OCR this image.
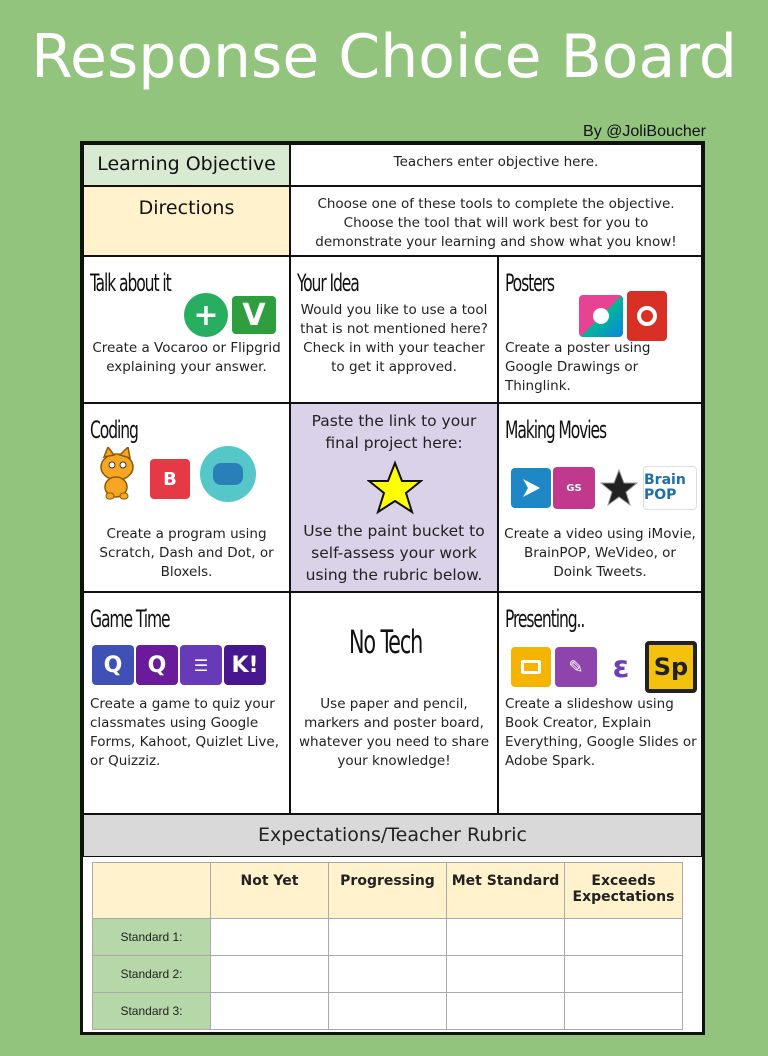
Response Choice Board
By @JoliBoucher
Learning Objective	Teachers enter objective here.
Directions	Choose one of these tools to complete the objective. Choose the tool that will work best for you to demonstrate your learning and show what you know!
Talk about it
+ V
Create a Vocaroo or Flipgrid explaining your answer.
Your Idea
Would you like to use a tool that is not mentioned here? Check in with your teacher to get it approved.
Posters
Create a poster using Google Drawings or Thinglink.
Coding
B
Create a program using Scratch, Dash and Dot, or Bloxels.
Paste the link to your final project here:
Use the paint bucket to self-assess your work using the rubric below.
Making Movies
GS	Brain POP
Create a video using iMovie, BrainPOP, WeVideo, or Doink Tweets.
Game Time
Q	Q	☰	K!
Create a game to quiz your classmates using Google Forms, Kahoot, Quizlet Live, or Quizziz.
No Tech
Use paper and pencil, markers and poster board, whatever you need to share your knowledge!
Presenting..
✎ ε	Sp
Create a slideshow using Book Creator, Explain Everything, Google Slides or Adobe Spark.
Expectations/Teacher Rubric
	Not Yet	Progressing	Met Standard	Exceeds Expectations
Standard 1:				
Standard 2:				
Standard 3:				
